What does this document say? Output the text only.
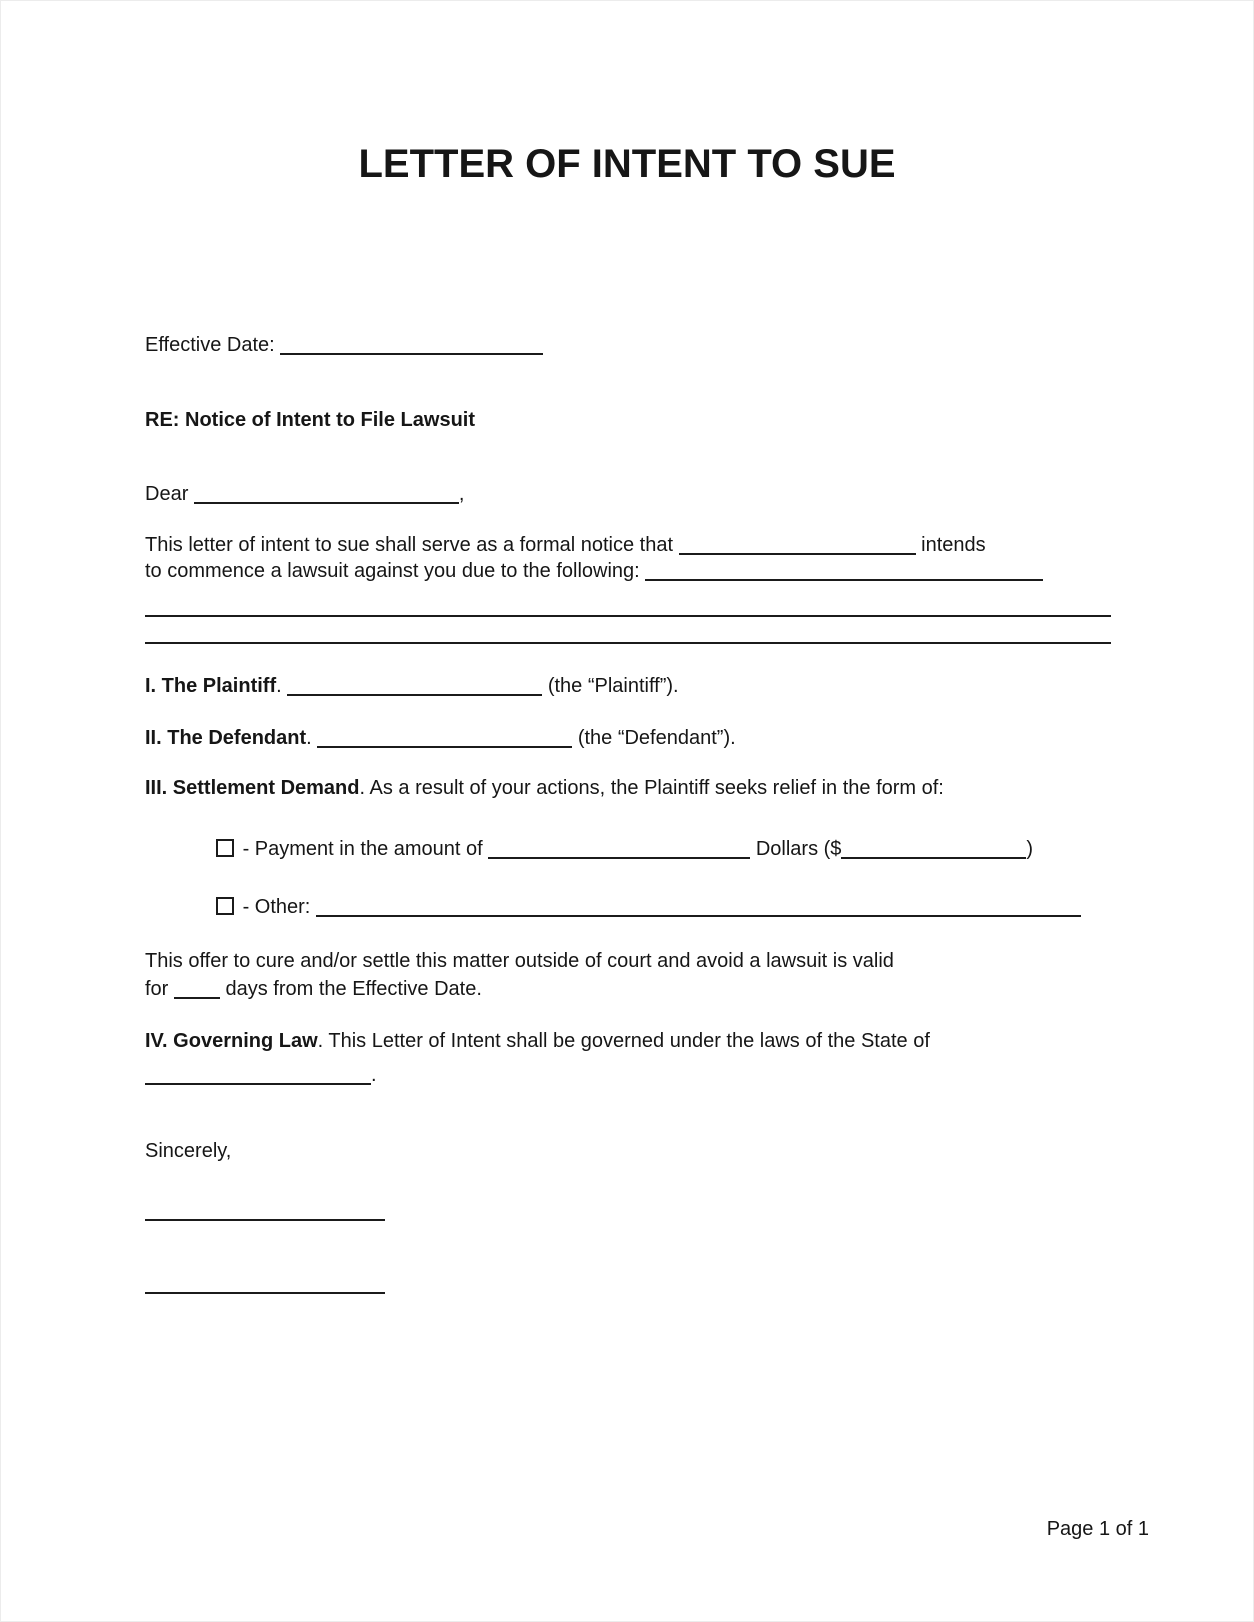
LETTER OF INTENT TO SUE
Effective Date:
RE: Notice of Intent to File Lawsuit
Dear	,
This letter of intent to sue shall serve as a formal notice that	intends
to commence a lawsuit against you due to the following:
I. The Plaintiff.	(the “Plaintiff”).
II. The Defendant.	(the “Defendant”).
III. Settlement Demand. As a result of your actions, the Plaintiff seeks relief in the form of:
- Payment in the amount of	Dollars ($	)
- Other:
This offer to cure and/or settle this matter outside of court and avoid a lawsuit is valid
for	days from the Effective Date.
IV. Governing Law. This Letter of Intent shall be governed under the laws of the State of
.
Sincerely,
Page 1 of 1
